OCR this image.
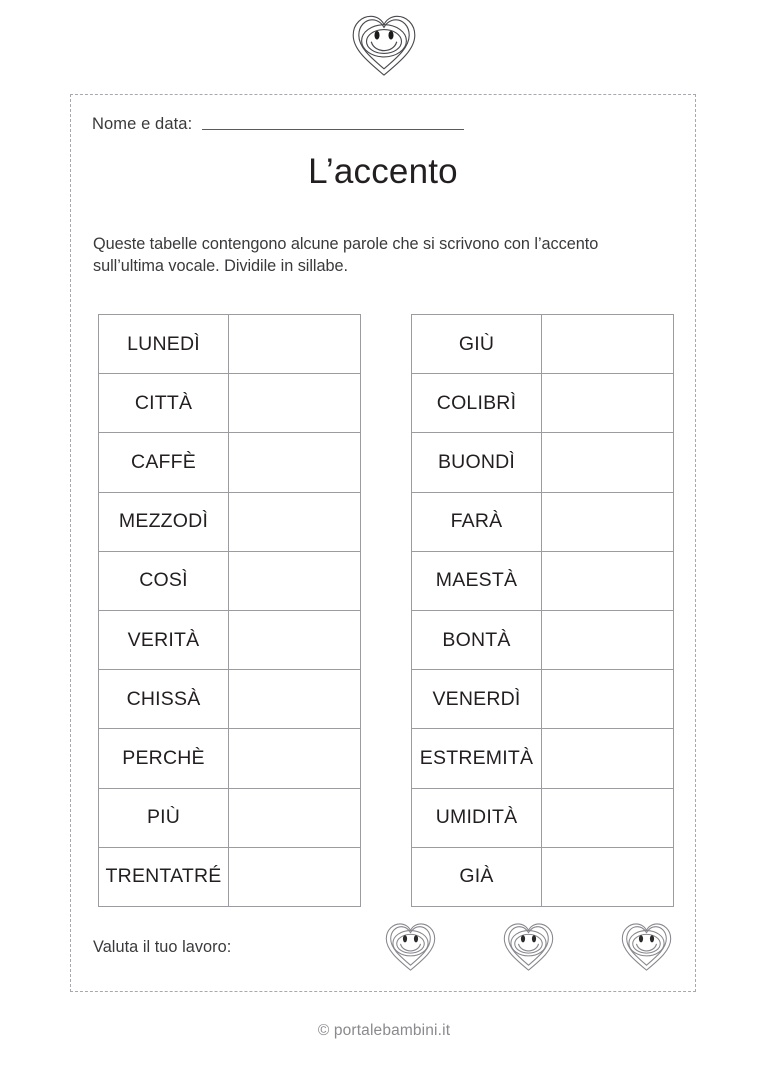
Nome e data:
L’accento
Queste tabelle contengono alcune parole che si scrivono con l’accento sull’ultima vocale. Dividile in sillabe.
LUNEDÌ	
CITTÀ	
CAFFÈ	
MEZZODÌ	
COSÌ	
VERITÀ	
CHISSÀ	
PERCHÈ	
PIÙ	
TRENTATRÉ	
GIÙ	
COLIBRÌ	
BUONDÌ	
FARÀ	
MAESTÀ	
BONTÀ	
VENERDÌ	
ESTREMITÀ	
UMIDITÀ	
GIÀ	
Valuta il tuo lavoro:
© portalebambini.it
